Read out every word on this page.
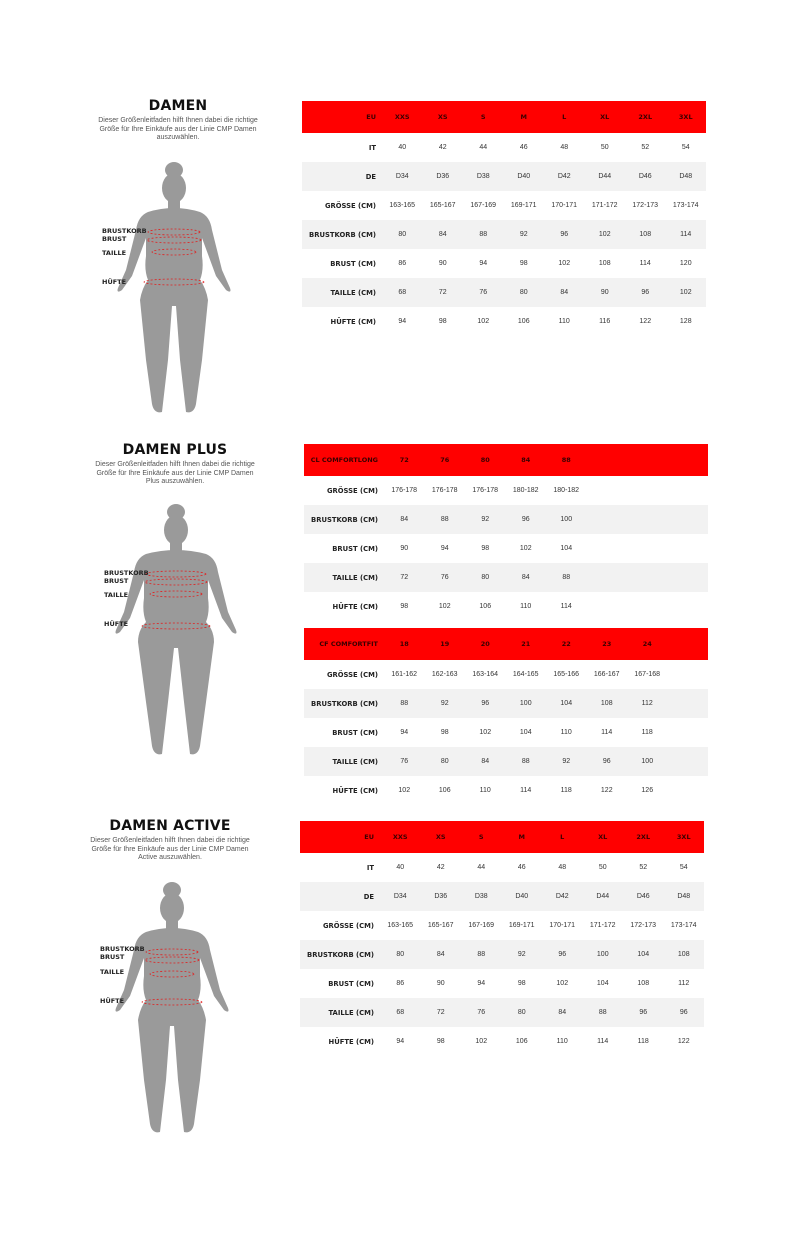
DAMEN
Dieser Größenleitfaden hilft Ihnen dabei die richtige Größe für Ihre Einkäufe aus der Linie CMP Damen auszuwählen.
BRUSTKORB
BRUST
TAILLE
HÜFTE
EU	XXS	XS	S	M	L	XL	2XL	3XL
IT	40	42	44	46	48	50	52	54
DE	D34	D36	D38	D40	D42	D44	D46	D48
GRÖSSE (CM)	163-165	165-167	167-169	169-171	170-171	171-172	172-173	173-174
BRUSTKORB (CM)	80	84	88	92	96	102	108	114
BRUST (CM)	86	90	94	98	102	108	114	120
TAILLE (CM)	68	72	76	80	84	90	96	102
HÜFTE (CM)	94	98	102	106	110	116	122	128
DAMEN PLUS
Dieser Größenleitfaden hilft Ihnen dabei die richtige Größe für Ihre Einkäufe aus der Linie CMP Damen Plus auszuwählen.
BRUSTKORB
BRUST
TAILLE
HÜFTE
CL COMFORTLONG	72	76	80	84	88			
GRÖSSE (CM)	176-178	176-178	176-178	180-182	180-182			
BRUSTKORB (CM)	84	88	92	96	100			
BRUST (CM)	90	94	98	102	104			
TAILLE (CM)	72	76	80	84	88			
HÜFTE (CM)	98	102	106	110	114			
CF COMFORTFIT	18	19	20	21	22	23	24	
GRÖSSE (CM)	161-162	162-163	163-164	164-165	165-166	166-167	167-168	
BRUSTKORB (CM)	88	92	96	100	104	108	112	
BRUST (CM)	94	98	102	104	110	114	118	
TAILLE (CM)	76	80	84	88	92	96	100	
HÜFTE (CM)	102	106	110	114	118	122	126	
DAMEN ACTIVE
Dieser Größenleitfaden hilft Ihnen dabei die richtige Größe für Ihre Einkäufe aus der Linie CMP Damen Active auszuwählen.
BRUSTKORB
BRUST
TAILLE
HÜFTE
EU	XXS	XS	S	M	L	XL	2XL	3XL
IT	40	42	44	46	48	50	52	54
DE	D34	D36	D38	D40	D42	D44	D46	D48
GRÖSSE (CM)	163-165	165-167	167-169	169-171	170-171	171-172	172-173	173-174
BRUSTKORB (CM)	80	84	88	92	96	100	104	108
BRUST (CM)	86	90	94	98	102	104	108	112
TAILLE (CM)	68	72	76	80	84	88	96	96
HÜFTE (CM)	94	98	102	106	110	114	118	122
